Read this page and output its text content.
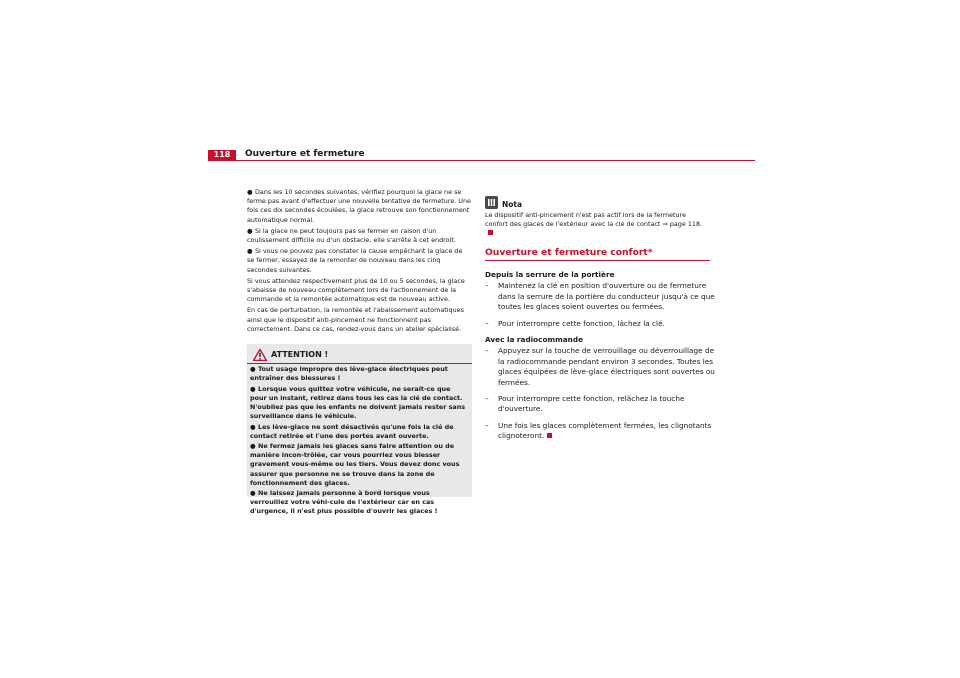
118	Ouverture et fermeture

● Dans les 10 secondes suivantes, vérifiez pourquoi la glace ne se ferme pas avant d'effectuer une nouvelle tentative de fermeture. Une fois ces dix secondes écoulées, la glace retrouve son fonctionnement automatique normal.

● Si la glace ne peut toujours pas se fermer en raison d'un coulissement difficile ou d'un obstacle, elle s'arrête à cet endroit.

● Si vous ne pouvez pas constater la cause empêchant la glace de se fermer, essayez de la remonter de nouveau dans les cinq secondes suivantes.

Si vous attendez respectivement plus de 10 ou 5 secondes, la glace s'abaisse de nouveau complètement lors de l'actionnement de la commande et la remontée automatique est de nouveau active.

En cas de perturbation, la remontée et l'abaissement automatiques ainsi que le dispositif anti-pincement ne fonctionnent pas correctement. Dans ce cas, rendez-vous dans un atelier spécialisé.

ATTENTION !

● Tout usage impropre des lève-glace électriques peut entraîner des blessures !

● Lorsque vous quittez votre véhicule, ne serait-ce que pour un instant, retirez dans tous les cas la clé de contact. N'oubliez pas que les enfants ne doivent jamais rester sans surveillance dans le véhicule.

● Les lève-glace ne sont désactivés qu'une fois la clé de contact retirée et l'une des portes avant ouverte.

● Ne fermez jamais les glaces sans faire attention ou de manière incon-trôlée, car vous pourriez vous blesser gravement vous-même ou les tiers. Vous devez donc vous assurer que personne ne se trouve dans la zone de fonctionnement des glaces.

● Ne laissez jamais personne à bord lorsque vous verrouillez votre véhi-cule de l'extérieur car en cas d'urgence, il n'est plus possible d'ouvrir les glaces !

Nota
Le dispositif anti-pincement n'est pas actif lors de la fermeture confort des glaces de l'extérieur avec la clé de contact ⇒ page 118.
Ouverture et fermeture confort*
Depuis la serrure de la portière
–	Maintenez la clé en position d'ouverture ou de fermeture dans la serrure de la portière du conducteur jusqu'à ce que toutes les glaces soient ouvertes ou fermées.
–	Pour interrompre cette fonction, lâchez la clé.
Avec la radiocommande
–	Appuyez sur la touche de verrouillage ou déverrouillage de la radiocommande pendant environ 3 secondes. Toutes les glaces équipées de lève-glace électriques sont ouvertes ou fermées.
–	Pour interrompre cette fonction, relâchez la touche d'ouverture.
–	Une fois les glaces complètement fermées, les clignotants clignoteront.
